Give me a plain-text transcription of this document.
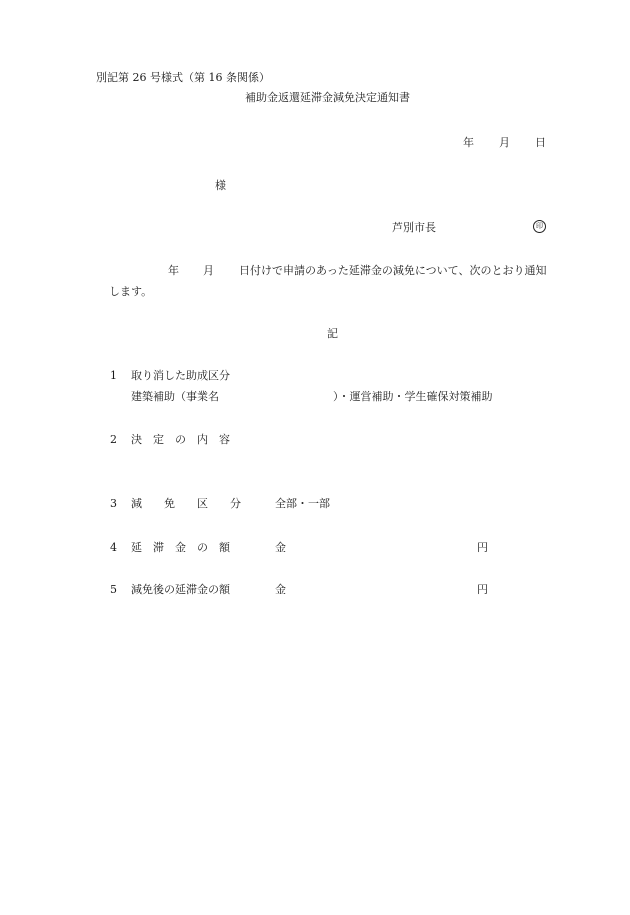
別記第 26 号様式（第 16 条関係）
補助金返還延滞金減免決定通知書
年 月 日
様
芦別市長	印
年 月 日付けで申請のあった延滞金の減免について、次のとおり通知
します。
記
1 取り消した助成区分
建築補助（事業名	）・運営補助・学生確保対策補助
2 決　定　の　内　容
3 減　　免　　区　　分	全部・一部
4 延　滞　金　の　額	金	円
5 減免後の延滞金の額	金	円
